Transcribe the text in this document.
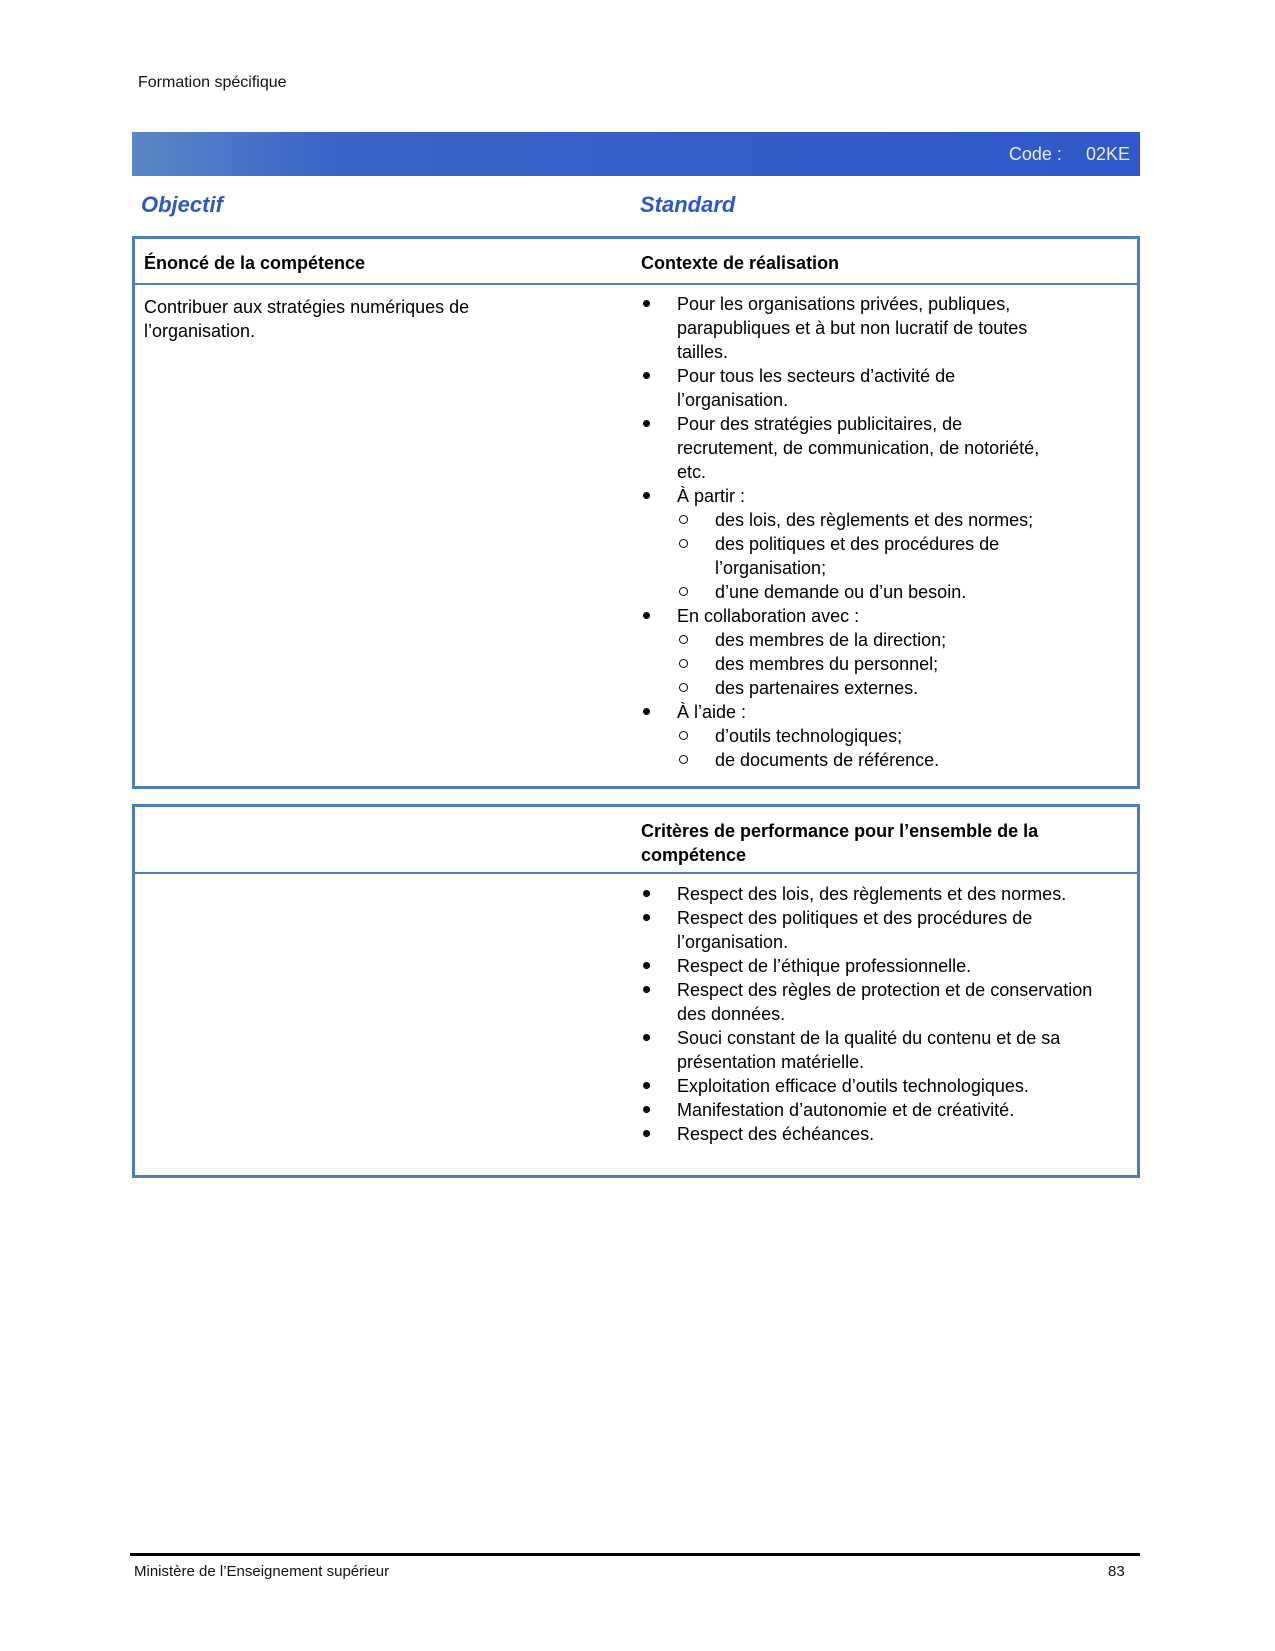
Formation spécifique
Code : 02KE
Objectif	Standard
Énoncé de la compétence	Contexte de réalisation
Contribuer aux stratégies numériques de l’organisation.
Pour les organisations privées, publiques, parapubliques et à but non lucratif de toutes tailles.
Pour tous les secteurs d’activité de l’organisation.
Pour des stratégies publicitaires, de recrutement, de communication, de notoriété, etc.
À partir :
des lois, des règlements et des normes;
des politiques et des procédures de l’organisation;
d’une demande ou d’un besoin.
En collaboration avec :
des membres de la direction;
des membres du personnel;
des partenaires externes.
À l’aide :
d’outils technologiques;
de documents de référence.
Critères de performance pour l’ensemble de la compétence
Respect des lois, des règlements et des normes.
Respect des politiques et des procédures de l’organisation.
Respect de l’éthique professionnelle.
Respect des règles de protection et de conservation des données.
Souci constant de la qualité du contenu et de sa présentation matérielle.
Exploitation efficace d’outils technologiques.
Manifestation d’autonomie et de créativité.
Respect des échéances.
Ministère de l’Enseignement supérieur	83
